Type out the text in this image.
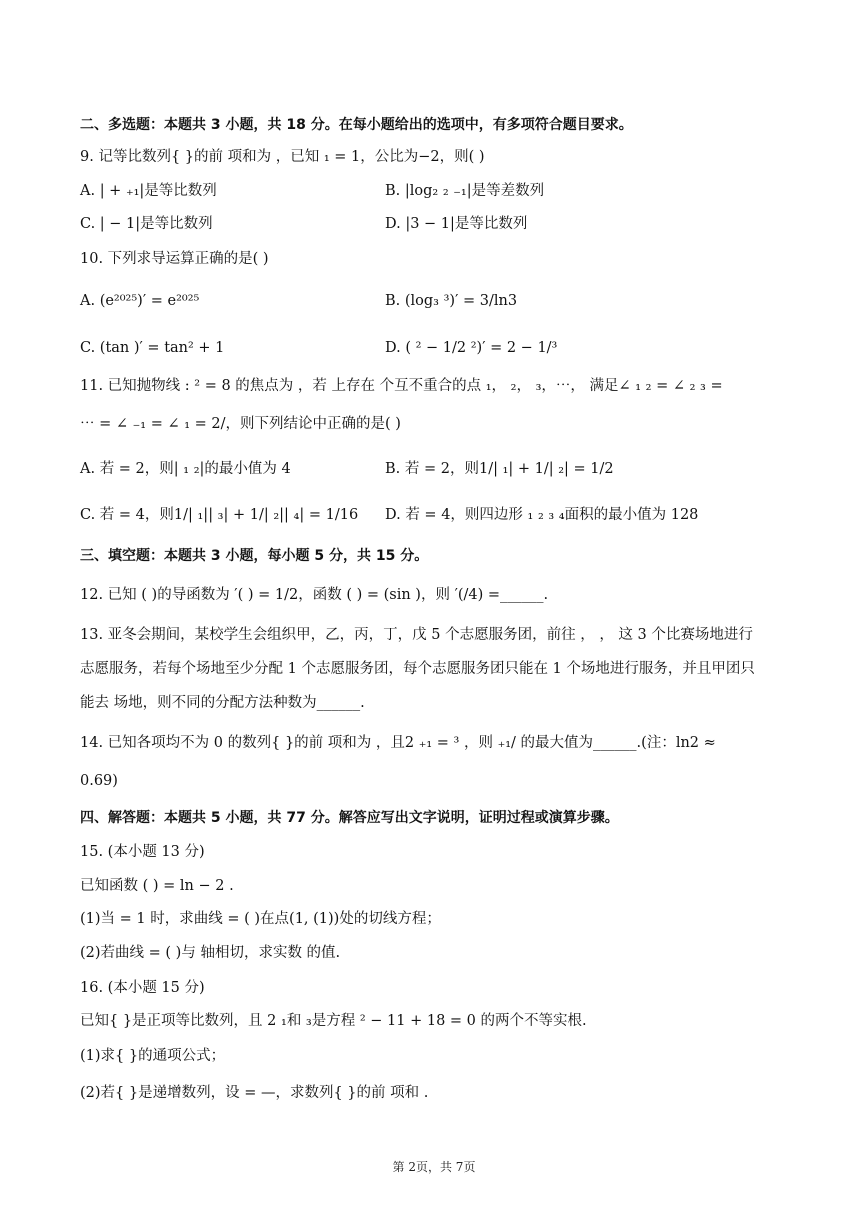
二、多选题：本题共 3 小题，共 18 分。在每小题给出的选项中，有多项符合题目要求。
9. 记等比数列{ }的前 项和为 ，已知 ₁ = 1，公比为−2，则( )
A. | + ₊₁|是等比数列	B. |log₂ ₂ ₋₁|是等差数列
C. | − 1|是等比数列	D. |3 − 1|是等比数列
10. 下列求导运算正确的是( )
A. (e²⁰²⁵)′ = e²⁰²⁵	B. (log₃ ³)′ = 3/ln3
C. (tan )′ = tan² + 1	D. ( ² − 1/2 ²)′ = 2 − 1/³
11. 已知抛物线 : ² = 8 的焦点为 ，若 上存在 个互不重合的点 ₁， ₂， ₃，⋯， 满足∠ ₁ ₂ = ∠ ₂ ₃ =
⋯ = ∠ ₋₁ = ∠ ₁ = 2/，则下列结论中正确的是( )
A. 若 = 2，则| ₁ ₂|的最小值为 4	B. 若 = 2，则1/| ₁| + 1/| ₂| = 1/2
C. 若 = 4，则1/| ₁|| ₃| + 1/| ₂|| ₄| = 1/16 D. 若 = 4，则四边形 ₁ ₂ ₃ ₄面积的最小值为 128
三、填空题：本题共 3 小题，每小题 5 分，共 15 分。
12. 已知 ( )的导函数为 ′( ) = 1/2，函数 ( ) = (sin )，则 ′(/4) =______.
13. 亚冬会期间，某校学生会组织甲，乙，丙，丁，戊 5 个志愿服务团，前往 ， ， 这 3 个比赛场地进行
志愿服务，若每个场地至少分配 1 个志愿服务团，每个志愿服务团只能在 1 个场地进行服务，并且甲团只
能去 场地，则不同的分配方法种数为______.
14. 已知各项均不为 0 的数列{ }的前 项和为 ，且2 ₊₁ = ³ ，则 ₊₁/ 的最大值为______.(注：ln2 ≈
0.69)
四、解答题：本题共 5 小题，共 77 分。解答应写出文字说明，证明过程或演算步骤。
15. (本小题 13 分)
已知函数 ( ) = ln − 2 .
(1)当 = 1 时，求曲线 = ( )在点(1, (1))处的切线方程；
(2)若曲线 = ( )与 轴相切，求实数 的值.
16. (本小题 15 分)
已知{ }是正项等比数列，且 2 ₁和 ₃是方程 ² − 11 + 18 = 0 的两个不等实根.
(1)求{ }的通项公式；
(2)若{ }是递增数列，设 = —，求数列{ }的前 项和 .
第 2页，共 7页
